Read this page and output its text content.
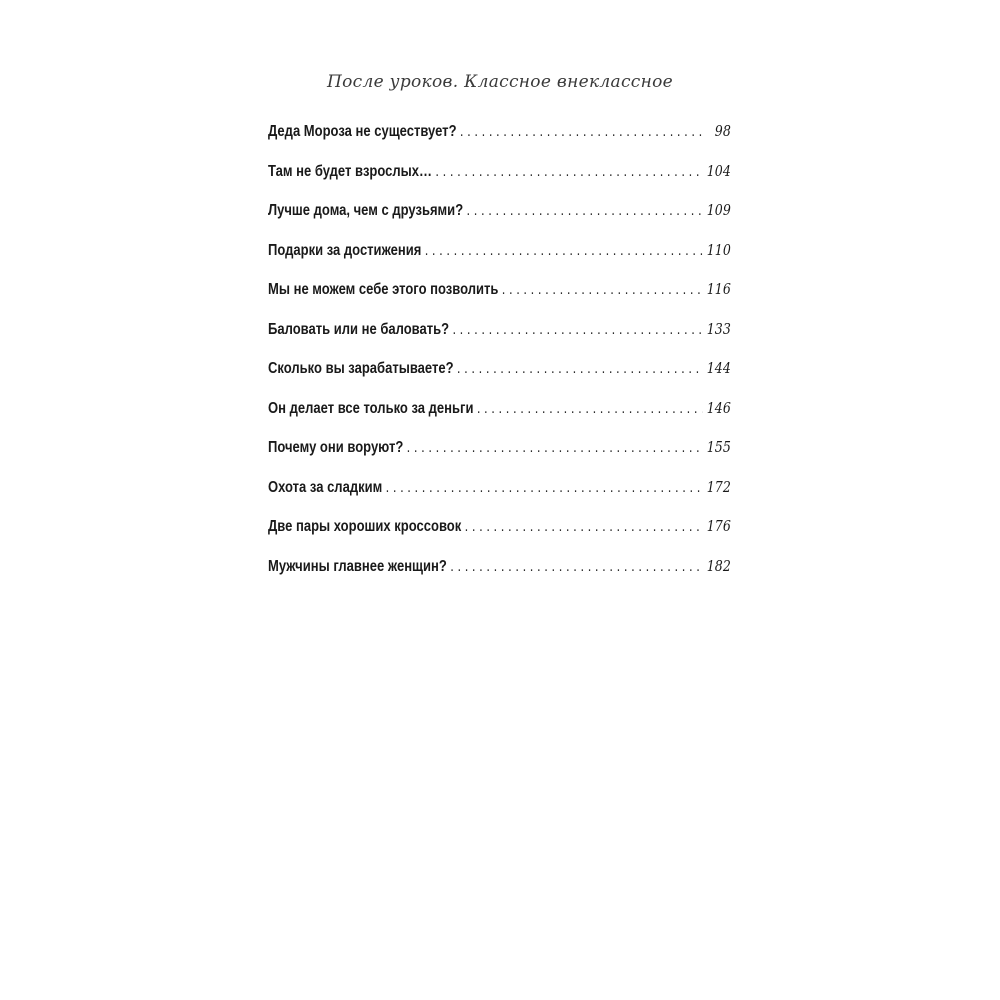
После уроков. Классное внеклассное
Деда Мороза не существует? . . .	98
Там не будет взрослых… . . .	104
Лучше дома, чем с друзьями? . . .	109
Подарки за достижения . . .	110
Мы не можем себе этого позволить . . .	116
Баловать или не баловать? . . .	133
Сколько вы зарабатываете? . . .	144
Он делает все только за деньги . . .	146
Почему они воруют? . . .	155
Охота за сладким . . .	172
Две пары хороших кроссовок . . .	176
Мужчины главнее женщин? . . .	182
